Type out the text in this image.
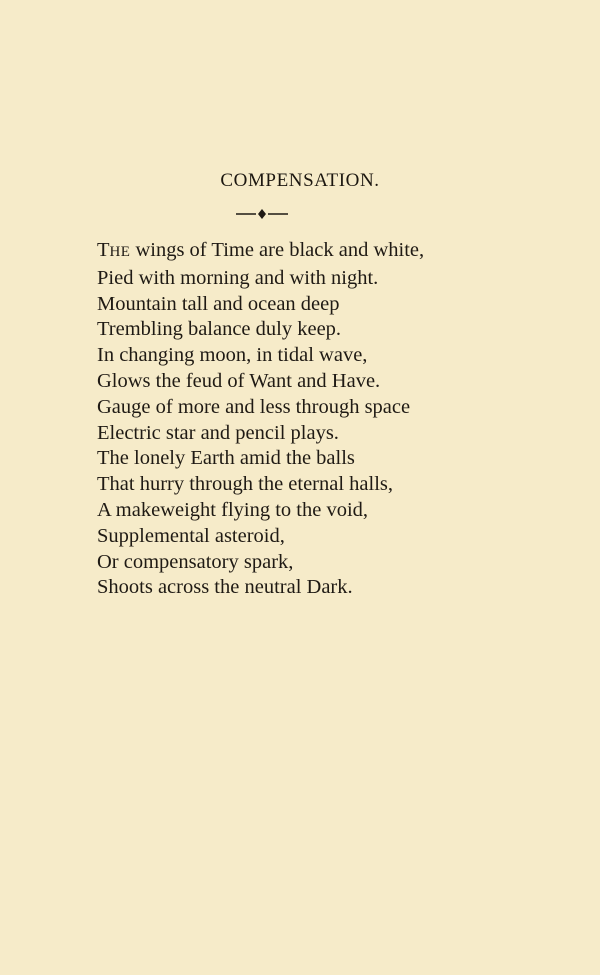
COMPENSATION.
THE wings of Time are black and white,
Pied with morning and with night.
Mountain tall and ocean deep
Trembling balance duly keep.
In changing moon, in tidal wave,
Glows the feud of Want and Have.
Gauge of more and less through space
Electric star and pencil plays.
The lonely Earth amid the balls
That hurry through the eternal halls,
A makeweight flying to the void,
Supplemental asteroid,
Or compensatory spark,
Shoots across the neutral Dark.
